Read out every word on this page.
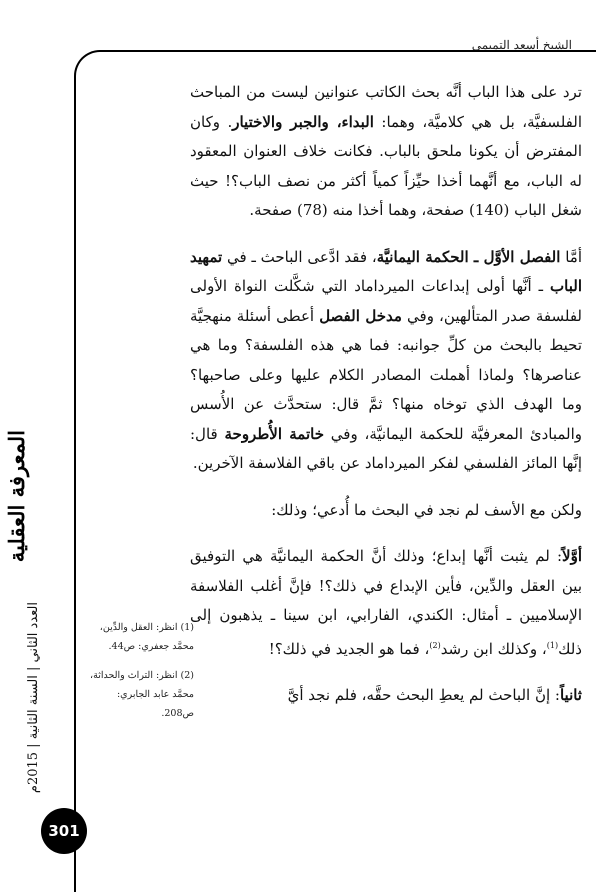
الشيخ أسعد التميمي

ترد على هذا الباب أنَّه بحث الكاتب عنوانين ليست من المباحث الفلسفيَّة، بل هي كلاميَّة، وهما: البداء، والجبر والاختيار. وكان المفترض أن يكونا ملحق بالباب. فكانت خلاف العنوان المعقود له الباب، مع أنَّهما أخذا حيِّزاً كمياً أكثر من نصف الباب؟! حيث شغل الباب (140) صفحة، وهما أخذا منه (78) صفحة.

أمَّا الفصل الأوَّل ـ الحكمة اليمانيَّة، فقد ادَّعى الباحث ـ في تمهيد الباب ـ أنَّها أولى إبداعات الميرداماد التي شكَّلت النواة الأولى لفلسفة صدر المتألهين، وفي مدخل الفصل أعطى أسئلة منهجيَّة تحيط بالبحث من كلِّ جوانبه: فما هي هذه الفلسفة؟ وما هي عناصرها؟ ولماذا أهملت المصادر الكلام عليها وعلى صاحبها؟ وما الهدف الذي توخاه منها؟ ثمَّ قال: ستحدَّث عن الأُسس والمبادئ المعرفيَّة للحكمة اليمانيَّة، وفي خاتمة الأُطروحة قال: إنَّها المائز الفلسفي لفكر الميرداماد عن باقي الفلاسفة الآخرين.

ولكن مع الأسف لم نجد في البحث ما أُدعي؛ وذلك:

أوَّلاً: لم يثبت أنَّها إبداع؛ وذلك أنَّ الحكمة اليمانيَّة هي التوفيق بين العقل والدِّين، فأين الإبداع في ذلك؟! فإنَّ أغلب الفلاسفة الإسلاميين ـ أمثال: الكندي، الفارابي، ابن سينا ـ يذهبون إلى ذلك$^{(1)}$، وكذلك ابن رشد$^{(2)}$، فما هو الجديد في ذلك؟!

ثانياً: إنَّ الباحث لم يعطِ البحث حقَّه، فلم نجد أيَّ

المعرفة العقلية
العدد الثاني | السنة الثانية | 2015م	(1) انظر: العقل والدِّين، محمَّد جعفري: ص44.
(2) انظر: التراث والحداثة، محمَّد عابد الجابري: ص208.
301
